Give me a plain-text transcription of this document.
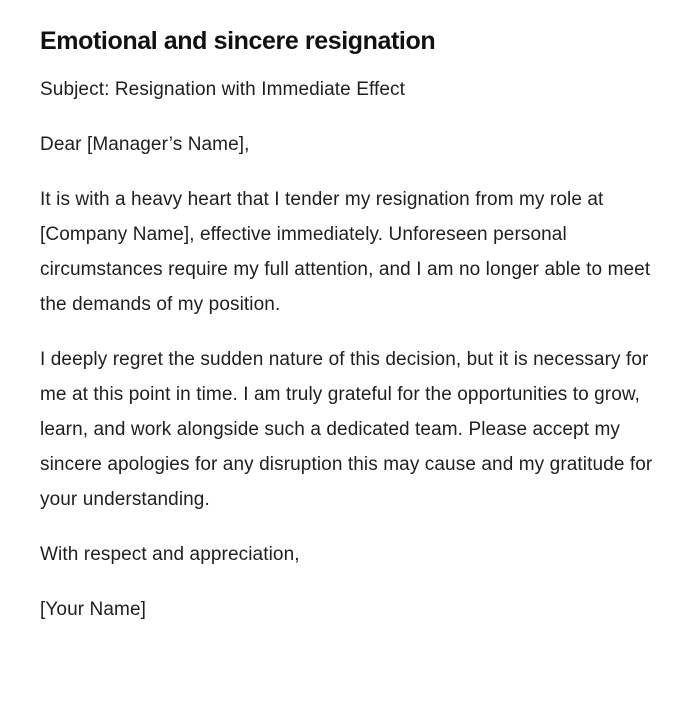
Emotional and sincere resignation

Subject: Resignation with Immediate Effect

Dear [Manager’s Name],

It is with a heavy heart that I tender my resignation from my role at [Company Name], effective immediately. Unforeseen personal circumstances require my full attention, and I am no longer able to meet the demands of my position.

I deeply regret the sudden nature of this decision, but it is necessary for me at this point in time. I am truly grateful for the opportunities to grow, learn, and work alongside such a dedicated team. Please accept my sincere apologies for any disruption this may cause and my gratitude for your understanding.

With respect and appreciation,

[Your Name]
